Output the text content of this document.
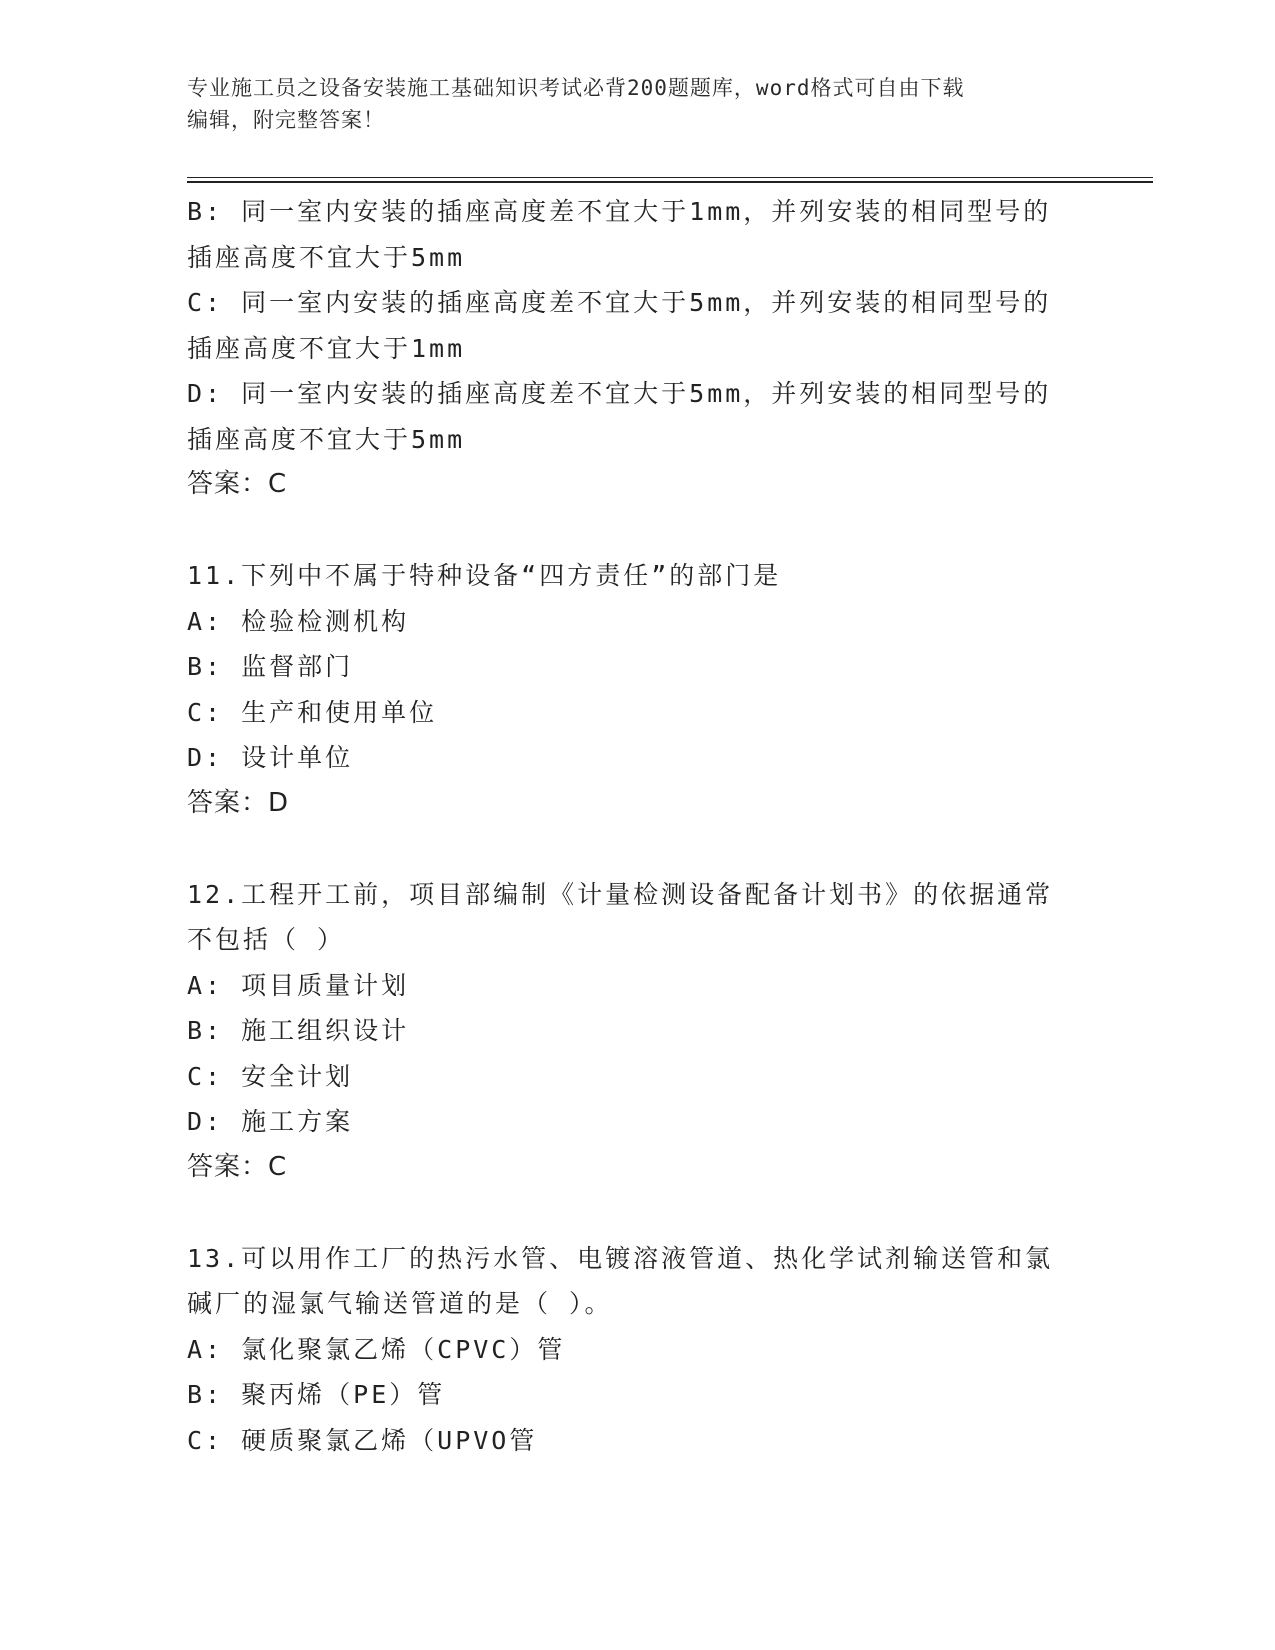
专业施工员之设备安装施工基础知识考试必背200题题库，word格式可自由下载
编辑，附完整答案！
B: 同一室内安装的插座高度差不宜大于1mm，并列安装的相同型号的
插座高度不宜大于5mm
C: 同一室内安装的插座高度差不宜大于5mm，并列安装的相同型号的
插座高度不宜大于1mm
D: 同一室内安装的插座高度差不宜大于5mm，并列安装的相同型号的
插座高度不宜大于5mm
答案：C
11.下列中不属于特种设备“四方责任”的部门是
A: 检验检测机构
B: 监督部门
C: 生产和使用单位
D: 设计单位
答案：D
12.工程开工前，项目部编制《计量检测设备配备计划书》的依据通常
不包括（ ）
A: 项目质量计划
B: 施工组织设计
C: 安全计划
D: 施工方案
答案：C
13.可以用作工厂的热污水管、电镀溶液管道、热化学试剂输送管和氯
碱厂的湿氯气输送管道的是（ ）。
A: 氯化聚氯乙烯（CPVC）管
B: 聚丙烯（PE）管
C: 硬质聚氯乙烯（UPVO管
